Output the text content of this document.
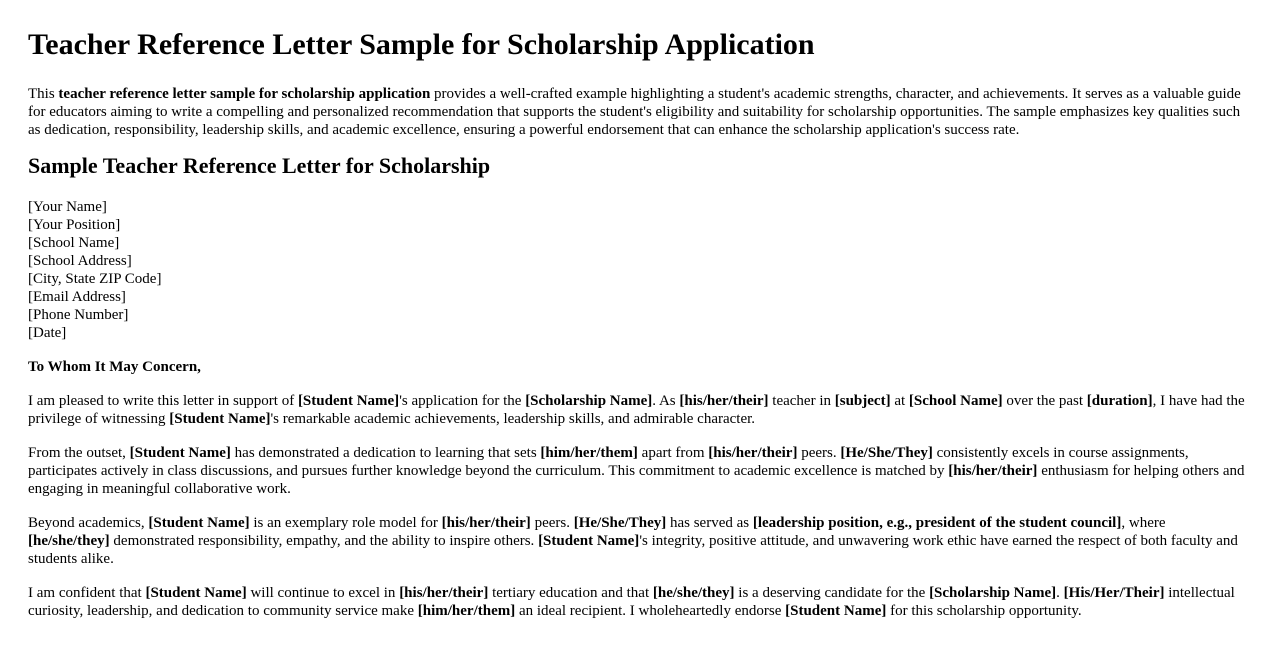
Teacher Reference Letter Sample for Scholarship Application

This teacher reference letter sample for scholarship application provides a well-crafted example highlighting a student's academic strengths, character, and achievements. It serves as a valuable guide for educators aiming to write a compelling and personalized recommendation that supports the student's eligibility and suitability for scholarship opportunities. The sample emphasizes key qualities such as dedication, responsibility, leadership skills, and academic excellence, ensuring a powerful endorsement that can enhance the scholarship application's success rate.

Sample Teacher Reference Letter for Scholarship
[Your Name]
[Your Position]
[School Name]
[School Address]
[City, State ZIP Code]
[Email Address]
[Phone Number]
[Date]

To Whom It May Concern,

I am pleased to write this letter in support of [Student Name]'s application for the [Scholarship Name]. As [his/her/their] teacher in [subject] at [School Name] over the past [duration], I have had the privilege of witnessing [Student Name]'s remarkable academic achievements, leadership skills, and admirable character.

From the outset, [Student Name] has demonstrated a dedication to learning that sets [him/her/them] apart from [his/her/their] peers. [He/She/They] consistently excels in course assignments, participates actively in class discussions, and pursues further knowledge beyond the curriculum. This commitment to academic excellence is matched by [his/her/their] enthusiasm for helping others and engaging in meaningful collaborative work.

Beyond academics, [Student Name] is an exemplary role model for [his/her/their] peers. [He/She/They] has served as [leadership position, e.g., president of the student council], where [he/she/they] demonstrated responsibility, empathy, and the ability to inspire others. [Student Name]'s integrity, positive attitude, and unwavering work ethic have earned the respect of both faculty and students alike.

I am confident that [Student Name] will continue to excel in [his/her/their] tertiary education and that [he/she/they] is a deserving candidate for the [Scholarship Name]. [His/Her/Their] intellectual curiosity, leadership, and dedication to community service make [him/her/them] an ideal recipient. I wholeheartedly endorse [Student Name] for this scholarship opportunity.
